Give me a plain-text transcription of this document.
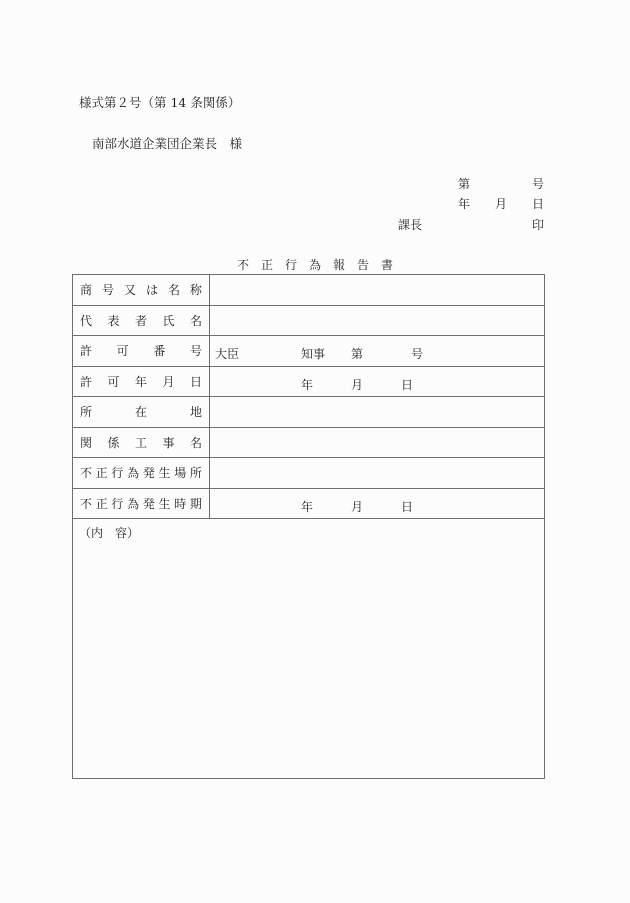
様式第２号（第 14 条関係）
南部水道企業団企業長　様
第	号
年 月 日
課長	印
不正行為報告書
商 号 又 は 名 称

代 表 者 氏 名	

許 可 番 号	大臣 知事 第 号

許 可 年 月 日	年 月 日

所 在 地	

関 係 工 事 名	

不 正 行 為 発 生 場 所

不 正 行 為 発 生 時 期	年	月	日

（内　容）	
